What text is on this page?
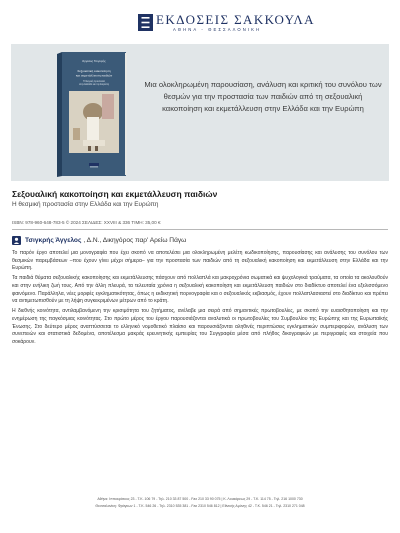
ΕΚΔΟΣΕΙΣ ΣΑΚΚΟΥΛΑ
ΑΘΗΝΑ - ΘΕΣΣΑΛΟΝΙΚΗ
Άγγελος Τσιγκρής
Σεξουαλική κακοποίηση
και εκμετάλλευση παιδιών
Η θεσμική προστασία
στην Ελλάδα και την Ευρώπη	Μια ολοκληρωμένη παρουσίαση, ανάλυση και κριτική του συνόλου των θεσμών για την προστασία των παιδιών από τη σεξουαλική κακοποίηση και εκμετάλλευση στην Ελλάδα και την Ευρώπη
Σεξουαλική κακοποίηση και εκμετάλλευση παιδιών
Η θεσμική προστασία στην Ελλάδα και την Ευρώπη
ISBN: 978-960-648-783-5 © 2024 ΣΕΛΙΔΕΣ: XXVIII & 336 ΤΙΜΗ: 35,00 €
Τσιγκρής Άγγελος , Δ.Ν., Δικηγόρος παρ' Αρείω Πάγω

Το παρόν έργο αποτελεί μια μονογραφία που έχει σκοπό να αποτελέσει μια ολοκληρωμένη μελέτη κωδικοποίησης, παρουσίασης και ανάλυσης του συνόλου των θεσμικών παρεμβάσεων –που έχουν γίνει μέχρι σήμερα– για την προστασία των παιδιών από τη σεξουαλική κακοποίηση και εκμετάλλευση στην Ελλάδα και την Ευρώπη.

Τα παιδιά θύματα σεξουαλικής κακοποίησης και εκμετάλλευσης πάσχουν από πολλαπλά και μακροχρόνια σωματικά και ψυχολογικά τραύματα, τα οποία τα ακολουθούν και στην ενήλικη ζωή τους. Από την άλλη πλευρά, τα τελευταία χρόνια η σεξουαλική κακοποίηση και εκμετάλλευση παιδιών στο διαδίκτυο αποτελεί ένα εξελισσόμενο φαινόμενο. Παράλληλα, νέες μορφές εγκληματικότητας, όπως η εκδικητική πορνογραφία και ο σεξουαλικός εκβιασμός, έχουν πολλαπλασιαστεί στο διαδίκτυο και πρέπει να αντιμετωπισθούν με τη λήψη συγκεκριμένων μέτρων από το κράτη.

Η διεθνής κοινότητα, αντιλαμβανόμενη την κρισιμότητα του ζητήματος, ανέλαβε μια σειρά από σημαντικές πρωτοβουλίες, με σκοπό την ευαισθητοποίηση και την ενημέρωση της παγκόσμιας κοινότητας. Στο πρώτο μέρος του έργου παρουσιάζονται αναλυτικά οι πρωτοβουλίες του Συμβουλίου της Ευρώπης και της Ευρωπαϊκής Ένωσης. Στο δεύτερο μέρος αναπτύσσεται το ελληνικό νομοθετικό πλαίσιο και παρουσιάζονται αληθινές περιπτώσεις εγκληματικών συμπεριφορών, ανάλυση των συνεπειών και στατιστικά δεδομένα, αποτέλεσμα μακράς ερευνητικής εμπειρίας του Συγγραφέα μέσα από πλήθος δικογραφιών με περιγραφές και στοιχεία που σοκάρουν.

Αθήνα: Ιπποκράτους 23 - Τ.Κ. 106 79 - Τηλ. 210 33 87 500 - Fax 210 33 90 075 | Κ. Λουκάρεως 29 - Τ.Κ. 114 75 - Τηλ. 216 1000 730
Θεσσαλονίκη: Φράγκων 1 - Τ.Κ. 546 26 - Τηλ. 2310 535 381 - Fax 2310 546 812 | Εθνικής Αμύνης 42 - Τ.Κ. 546 21 - Τηλ. 2310 271 048
